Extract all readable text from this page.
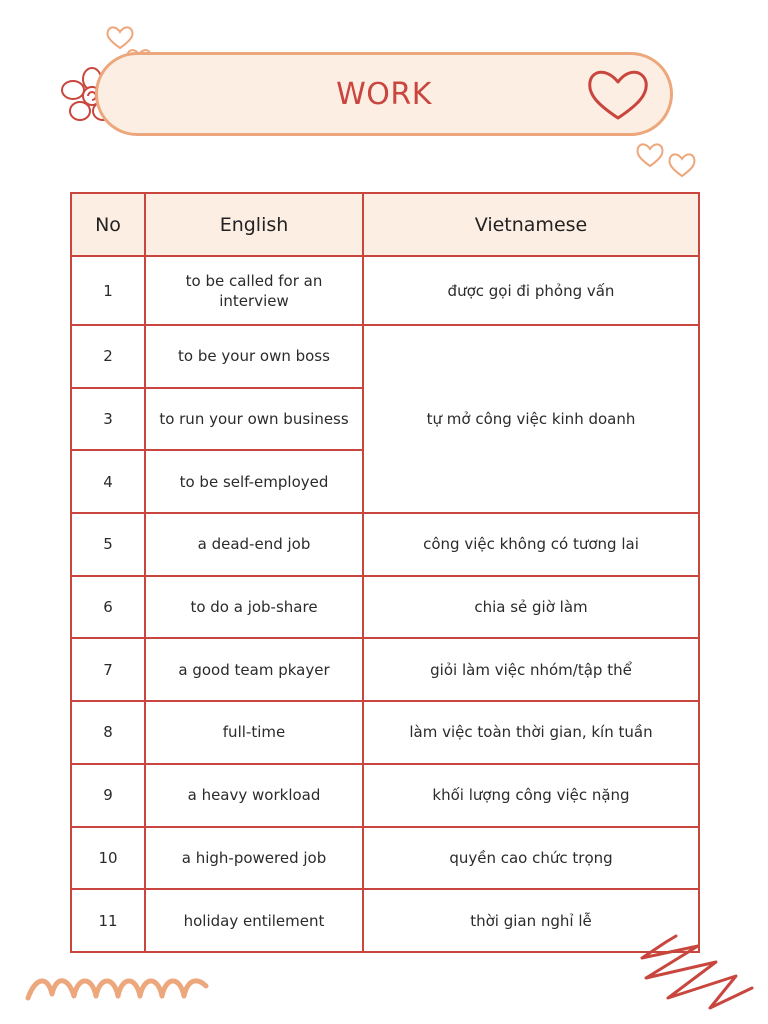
WORK
No	English	Vietnamese
1	to be called for an interview	được gọi đi phỏng vấn
2	to be your own boss	tự mở công việc kinh doanh
3	to run your own business	
4	to be self-employed	
5	a dead-end job	công việc không có tương lai
6	to do a job-share	chia sẻ giờ làm
7	a good team pkayer	giỏi làm việc nhóm/tập thể
8	full-time	làm việc toàn thời gian, kín tuần
9	a heavy workload	khối lượng công việc nặng
10	a high-powered job	quyền cao chức trọng
11	holiday entilement	thời gian nghỉ lễ
